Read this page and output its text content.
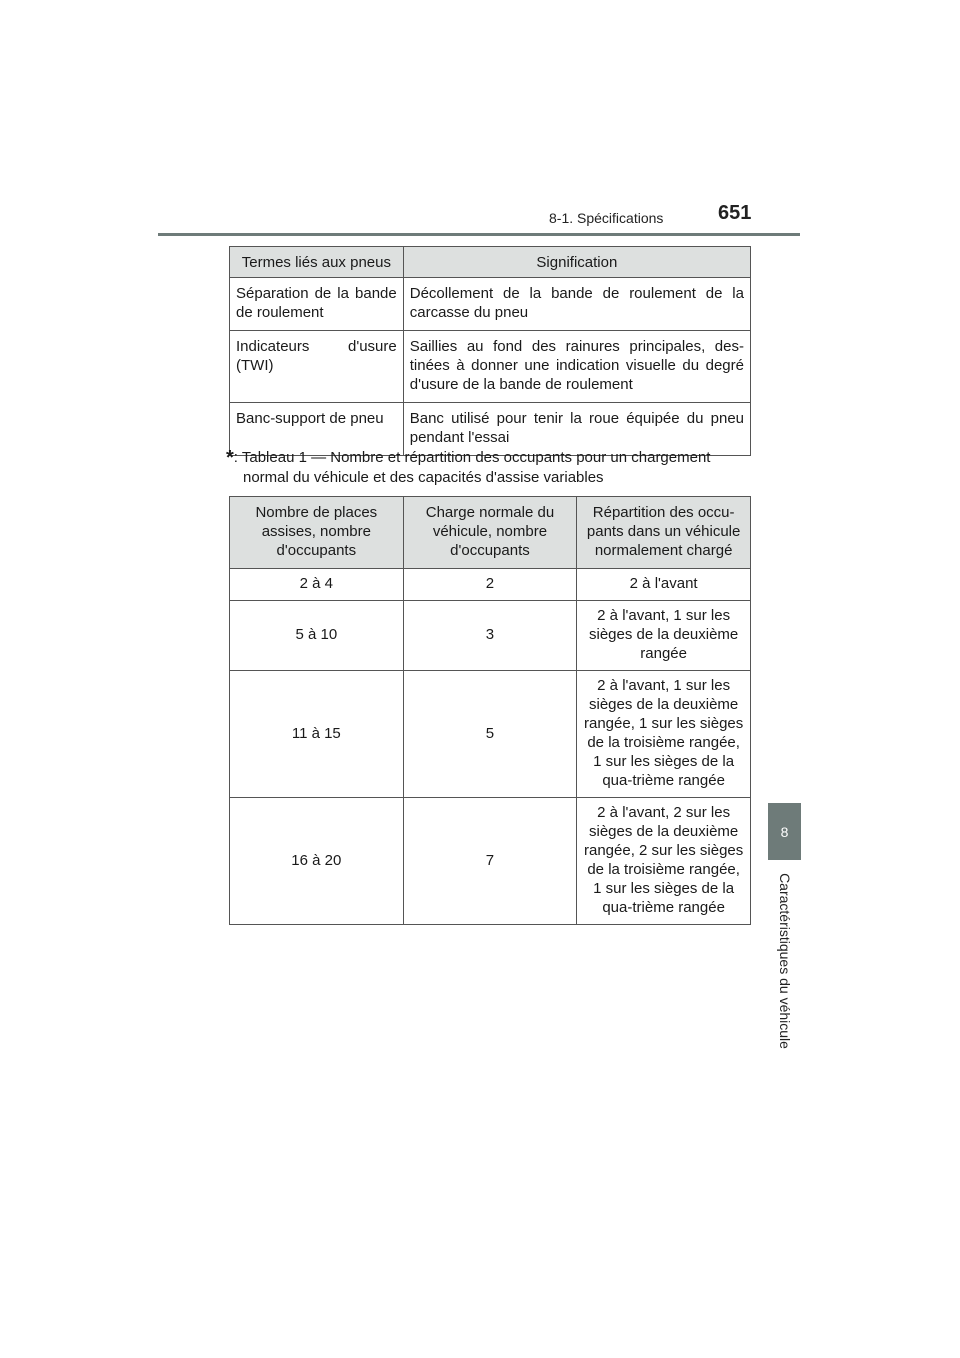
8-1. Spécifications	651
8
Caractéristiques du véhicule
Termes liés aux pneus	Signification
Séparation de la bande de roulement	Décollement de la bande de roulement de la carcasse du pneu
Indicateurs d'usure (TWI)	Saillies au fond des rainures principales, des-tinées à donner une indication visuelle du degré d'usure de la bande de roulement
Banc-support de pneu	Banc utilisé pour tenir la roue équipée du pneu pendant l'essai
*: Tableau 1 — Nombre et répartition des occupants pour un chargement
normal du véhicule et des capacités d'assise variables
Nombre de places assises, nombre d'occupants	Charge normale du véhicule, nombre d'occupants	Répartition des occu-pants dans un véhicule normalement chargé
2 à 4	2	2 à l'avant
5 à 10	3	2 à l'avant, 1 sur les sièges de la deuxième rangée
11 à 15	5	2 à l'avant, 1 sur les sièges de la deuxième rangée, 1 sur les sièges de la troisième rangée, 1 sur les sièges de la qua-trième rangée
16 à 20	7	2 à l'avant, 2 sur les sièges de la deuxième rangée, 2 sur les sièges de la troisième rangée, 1 sur les sièges de la qua-trième rangée
